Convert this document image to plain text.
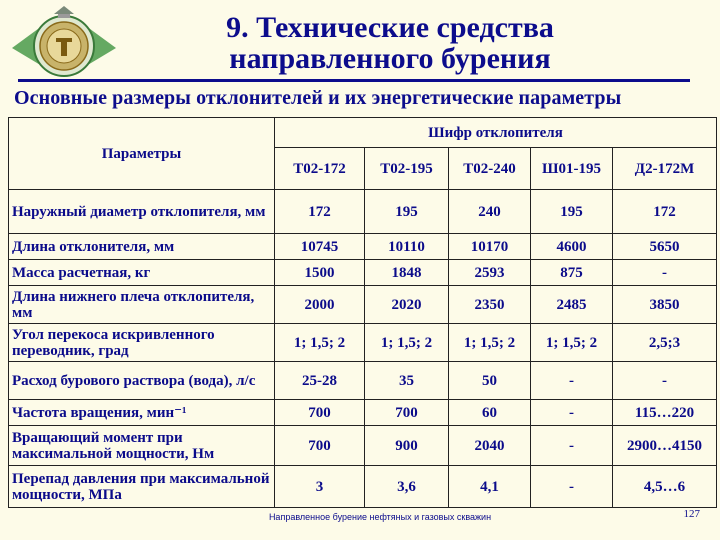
9. Технические средства
направленного бурения
Основные размеры отклонителей и их энергетические параметры
Параметры	Шифр отклопителя				
	Т02-172	Т02-195	Т02-240	Ш01-195	Д2-172М
Наружный диаметр отклопителя, мм	172	195	240	195	172
Длина отклонителя, мм	10745	10110	10170	4600	5650
Масса расчетная, кг	1500	1848	2593	875	-
Длина нижнего плеча отклопителя, мм	2000	2020	2350	2485	3850
Угол перекоса искривленного переводник, град	1; 1,5; 2	1; 1,5; 2	1; 1,5; 2	1; 1,5; 2	2,5;3
Расход бурового раствора (вода), л/с	25-28	35	50	-	-
Частота вращения, мин⁻¹	700	700	60	-	115…220
Вращающий момент при максимальной мощности, Нм	700	900	2040	-	2900…4150
Перепад давления при максимальной мощности, МПа	3	3,6	4,1	-	4,5…6
Направленное бурение нефтяных и газовых скважин	127
